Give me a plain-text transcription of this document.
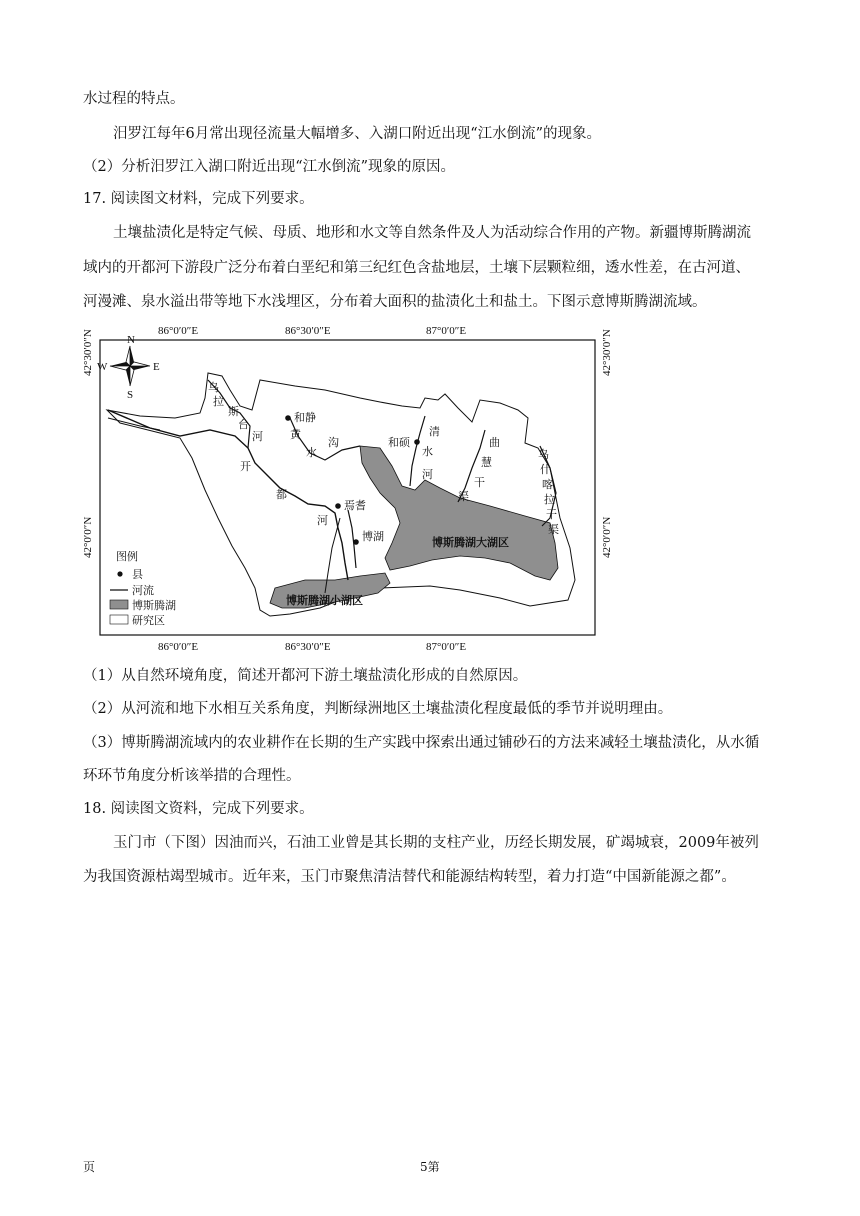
水过程的特点。
汨罗江每年6月常出现径流量大幅增多、入湖口附近出现“江水倒流”的现象。
（2）分析汨罗江入湖口附近出现“江水倒流”现象的原因。
17. 阅读图文材料，完成下列要求。
土壤盐渍化是特定气候、母质、地形和水文等自然条件及人为活动综合作用的产物。新疆博斯腾湖流
域内的开都河下游段广泛分布着白垩纪和第三纪红色含盐地层，土壤下层颗粒细，透水性差，在古河道、
河漫滩、泉水溢出带等地下水浅埋区，分布着大面积的盐渍化土和盐土。下图示意博斯腾湖流域。
86°0′0″E	86°30′0″E	87°0′0″E
86°0′0″E	86°30′0″E	87°0′0″E
42°30′0″N
42°0′0″N
42°30′0″N
42°0′0″N
N
S
E
W
和静
和硕
焉耆
博湖
乌
拉
斯
台
河
开
都
河
黄
水
沟
清
水
河
曲
慧
干
渠
乌
什
喀
拉
干
渠
博斯腾湖大湖区
博斯腾湖小湖区
图例
县
河流
博斯腾湖
研究区
（1）从自然环境角度，简述开都河下游土壤盐渍化形成的自然原因。
（2）从河流和地下水相互关系角度，判断绿洲地区土壤盐渍化程度最低的季节并说明理由。
（3）博斯腾湖流域内的农业耕作在长期的生产实践中探索出通过铺砂石的方法来减轻土壤盐渍化，从水循
环环节角度分析该举措的合理性。
18. 阅读图文资料，完成下列要求。
玉门市（下图）因油而兴，石油工业曾是其长期的支柱产业，历经长期发展，矿竭城衰，2009年被列
为我国资源枯竭型城市。近年来，玉门市聚焦清洁替代和能源结构转型，着力打造“中国新能源之都”。
页	5第
